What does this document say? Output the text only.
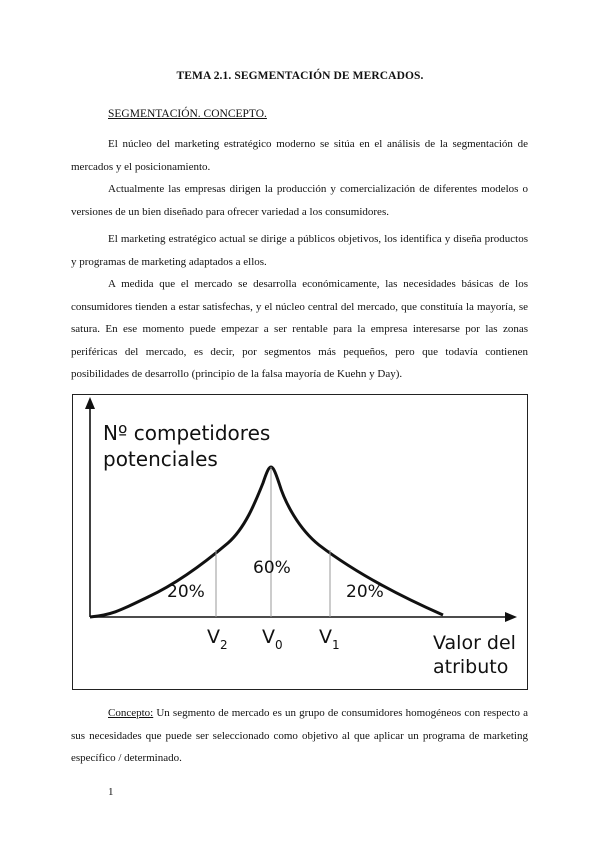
TEMA 2.1. SEGMENTACIÓN DE MERCADOS.
SEGMENTACIÓN. CONCEPTO.

El núcleo del marketing estratégico moderno se sitúa en el análisis de la segmentación de mercados y el posicionamiento.

Actualmente las empresas dirigen la producción y comercialización de diferentes modelos o versiones de un bien diseñado para ofrecer variedad a los consumidores.

El marketing estratégico actual se dirige a públicos objetivos, los identifica y diseña productos y programas de marketing adaptados a ellos.

A medida que el mercado se desarrolla económicamente, las necesidades básicas de los consumidores tienden a estar satisfechas, y el núcleo central del mercado, que constituía la mayoría, se satura. En ese momento puede empezar a ser rentable para la empresa interesarse por las zonas periféricas del mercado, es decir, por segmentos más pequeños, pero que todavía contienen posibilidades de desarrollo (principio de la falsa mayoría de Kuehn y Day).

Nº competidores
potenciales
20%
60%
20%
$V_2$ $V_0$ $V_1$	Valor del
atributo

Concepto: Un segmento de mercado es un grupo de consumidores homogéneos con respecto a sus necesidades que puede ser seleccionado como objetivo al que aplicar un programa de marketing específico / determinado.

1
